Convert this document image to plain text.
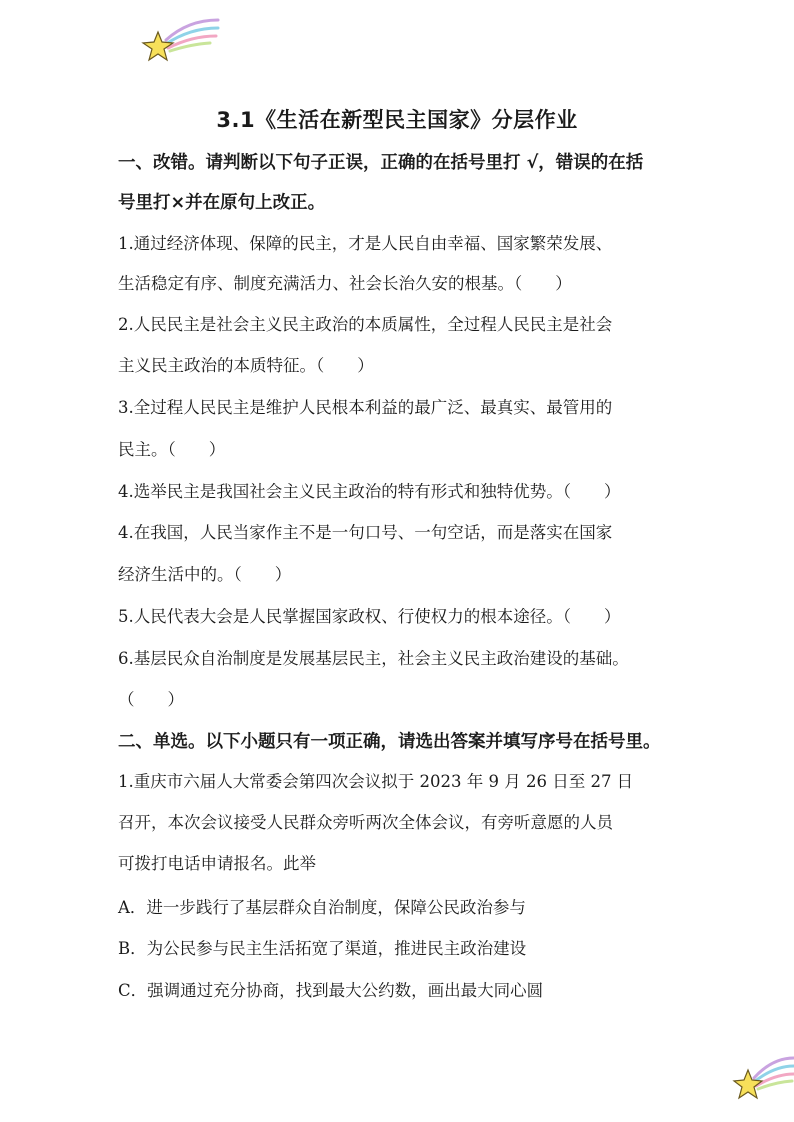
3.1《生活在新型民主国家》分层作业
一、改错。请判断以下句子正误，正确的在括号里打 √，错误的在括
号里打×并在原句上改正。
1.通过经济体现、保障的民主，才是人民自由幸福、国家繁荣发展、
生活稳定有序、制度充满活力、社会长治久安的根基。（　　）
2.人民民主是社会主义民主政治的本质属性，全过程人民民主是社会
主义民主政治的本质特征。（　　）
3.全过程人民民主是维护人民根本利益的最广泛、最真实、最管用的
民主。（　　）
4.选举民主是我国社会主义民主政治的特有形式和独特优势。（　　）
4.在我国，人民当家作主不是一句口号、一句空话，而是落实在国家
经济生活中的。（　　）
5.人民代表大会是人民掌握国家政权、行使权力的根本途径。（　　）
6.基层民众自治制度是发展基层民主，社会主义民主政治建设的基础。
（　　）
二、单选。以下小题只有一项正确，请选出答案并填写序号在括号里。
1.重庆市六届人大常委会第四次会议拟于 2023 年 9 月 26 日至 27 日
召开，本次会议接受人民群众旁听两次全体会议，有旁听意愿的人员
可拨打电话申请报名。此举
A．进一步践行了基层群众自治制度，保障公民政治参与
B．为公民参与民主生活拓宽了渠道，推进民主政治建设
C．强调通过充分协商，找到最大公约数，画出最大同心圆
